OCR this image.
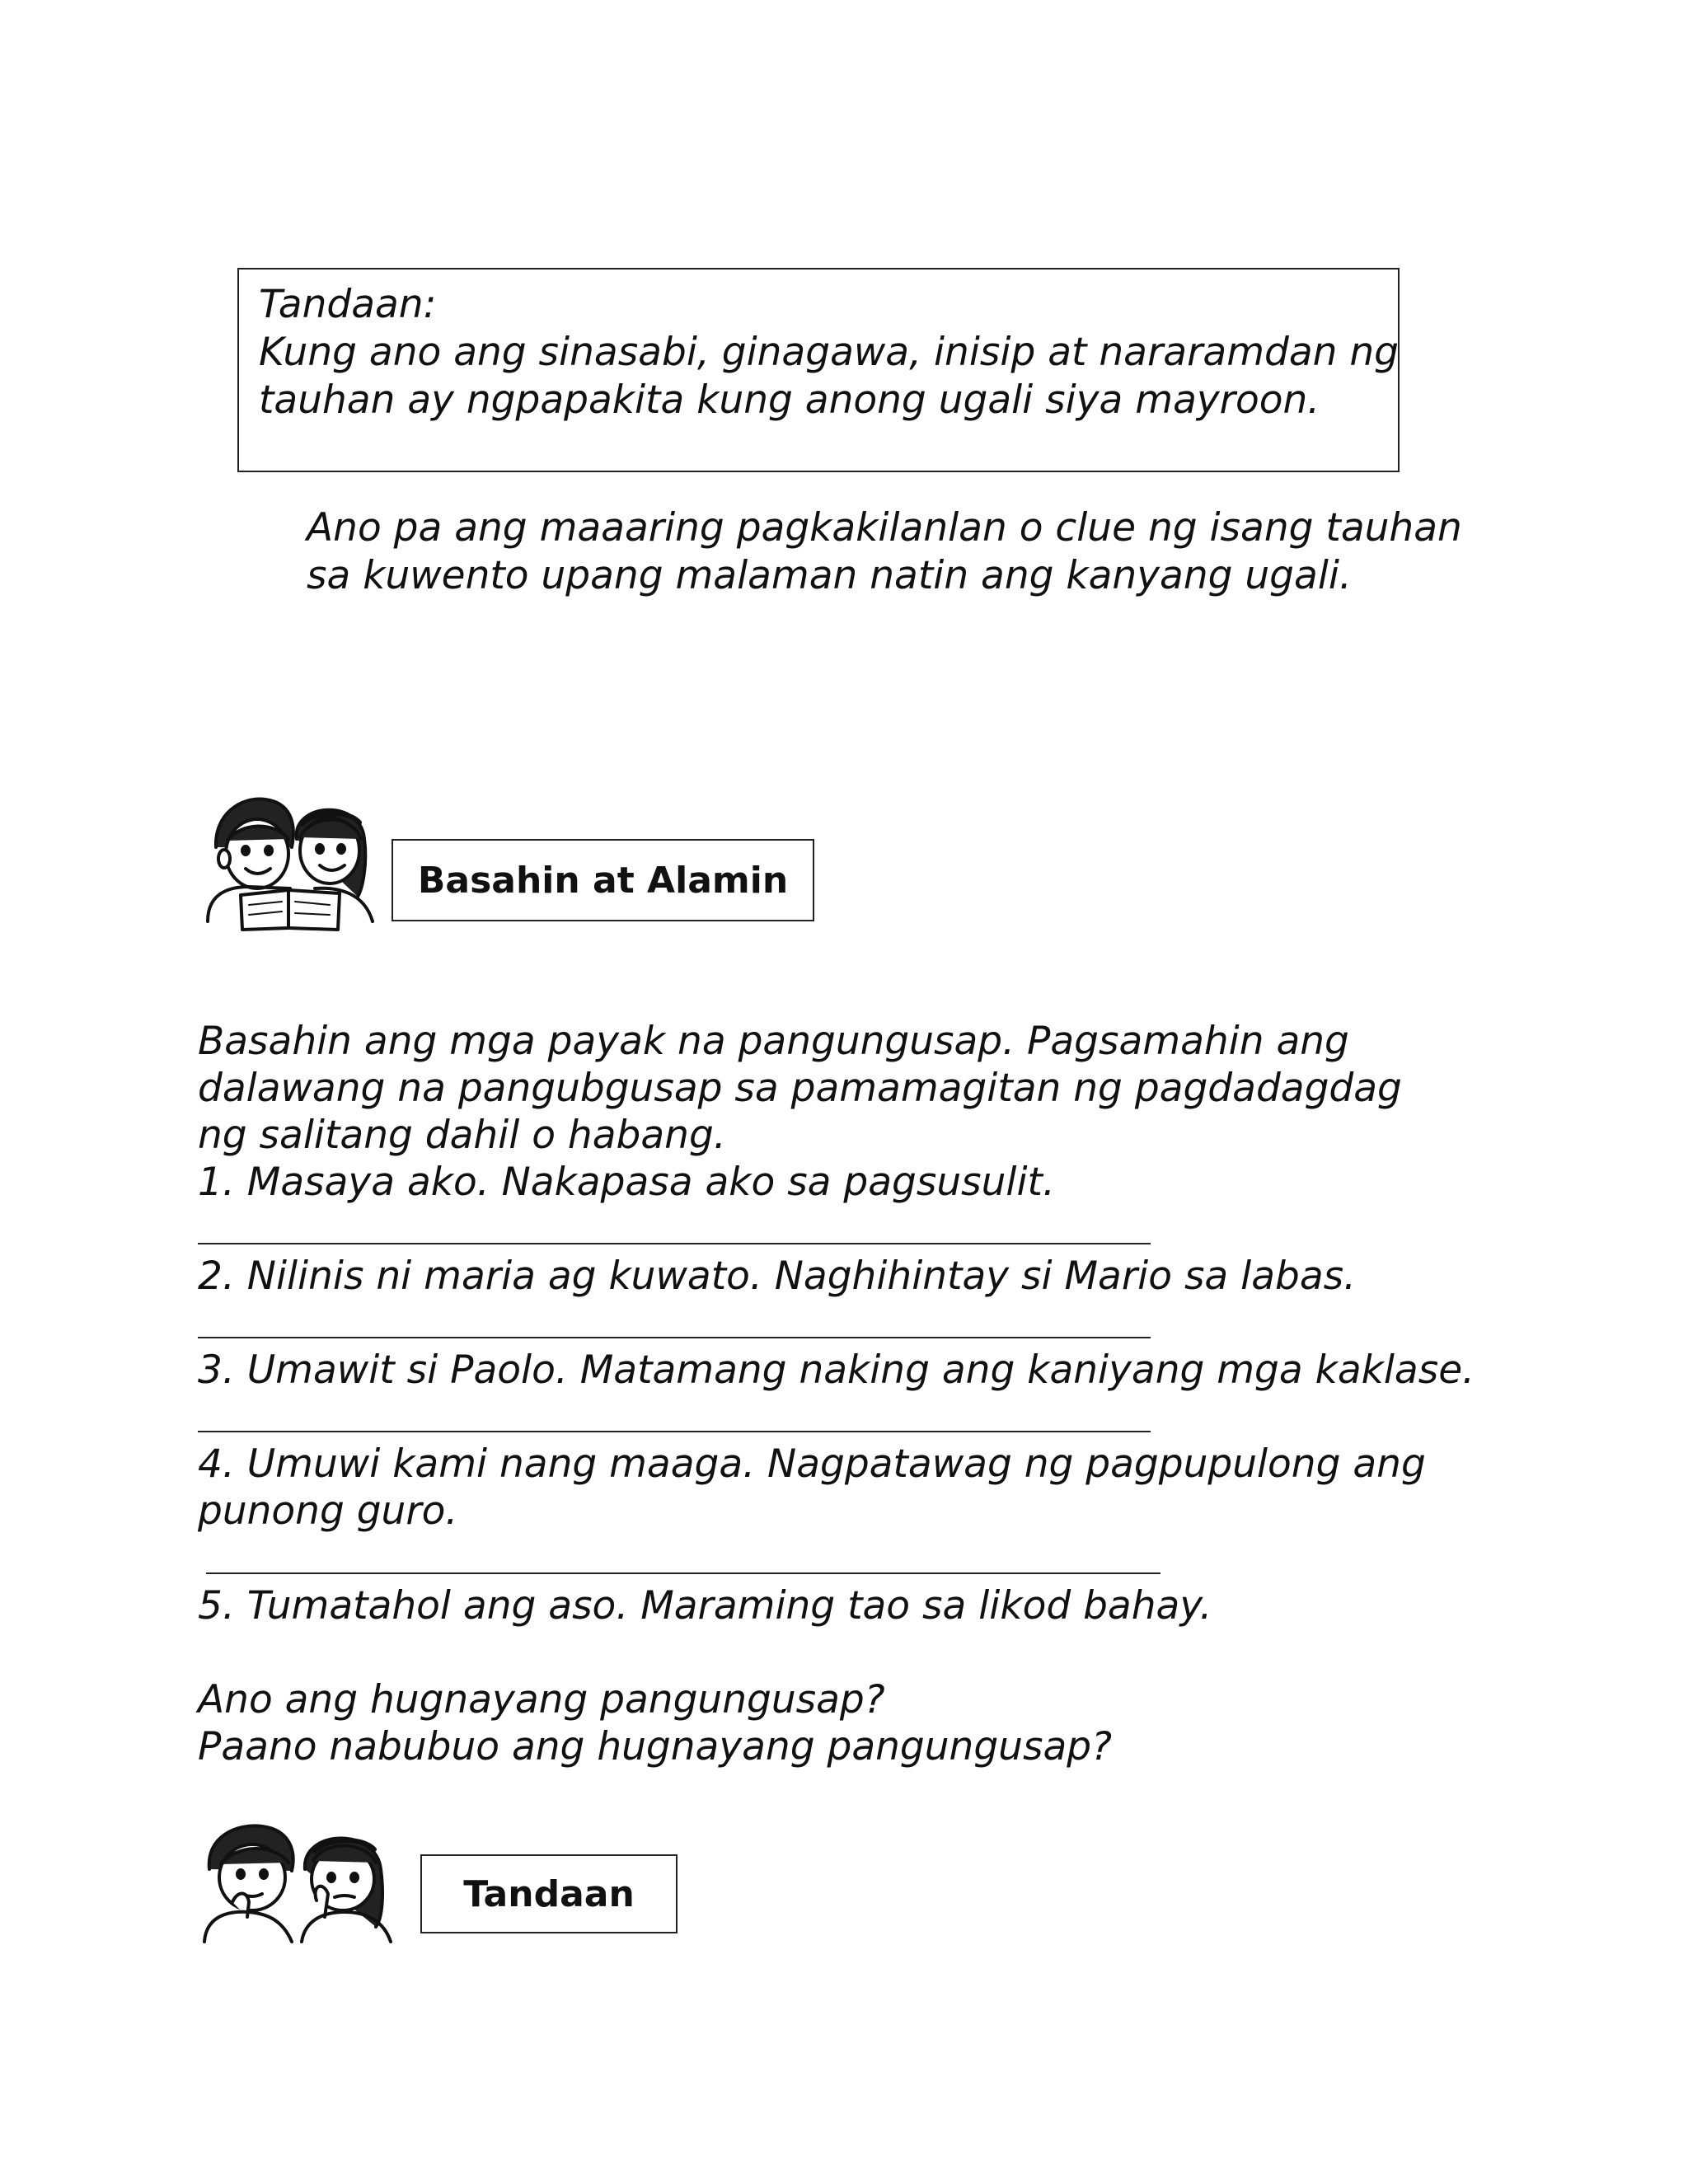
Tandaan:
Kung ano ang sinasabi, ginagawa, inisip at nararamdan ng
tauhan ay ngpapakita kung anong ugali siya mayroon.
Ano pa ang maaaring pagkakilanlan o clue ng isang tauhan
sa kuwento upang malaman natin ang kanyang ugali.
Basahin at Alamin
Basahin ang mga payak na pangungusap. Pagsamahin ang
dalawang na pangubgusap sa pamamagitan ng pagdadagdag
ng salitang dahil o habang.
1. Masaya ako. Nakapasa ako sa pagsusulit.
2. Nilinis ni maria ag kuwato. Naghihintay si Mario sa labas.
3. Umawit si Paolo. Matamang naking ang kaniyang mga kaklase.
4. Umuwi kami nang maaga. Nagpatawag ng pagpupulong ang
punong guro.
5. Tumatahol ang aso. Maraming tao sa likod bahay.
Ano ang hugnayang pangungusap?
Paano nabubuo ang hugnayang pangungusap?
Tandaan
